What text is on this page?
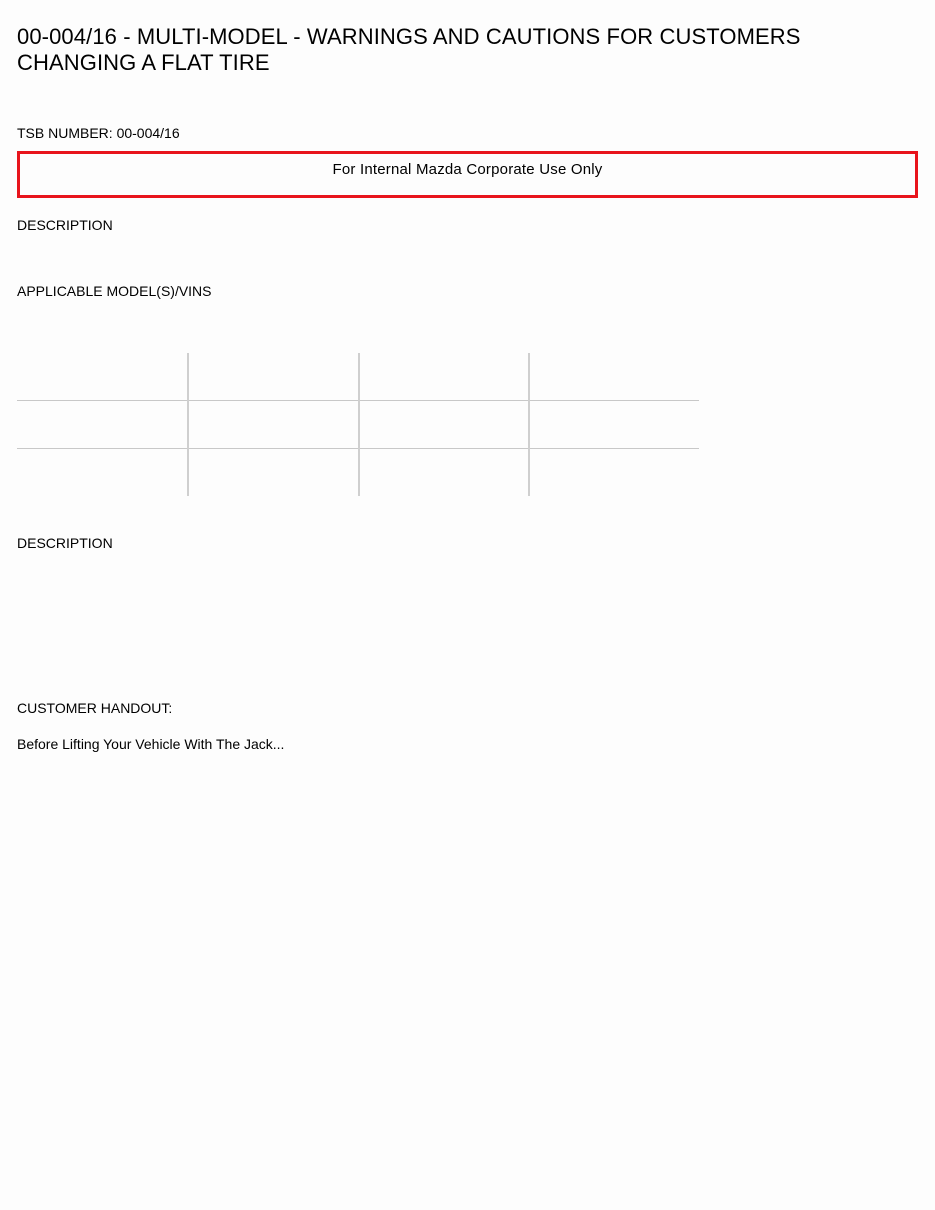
00-004/16 - MULTI-MODEL - WARNINGS AND CAUTIONS FOR CUSTOMERS CHANGING A FLAT TIRE
TSB NUMBER: 00-004/16
For Internal Mazda Corporate Use Only
DESCRIPTION
APPLICABLE MODEL(S)/VINS
DESCRIPTION
CUSTOMER HANDOUT:
Before Lifting Your Vehicle With The Jack...
